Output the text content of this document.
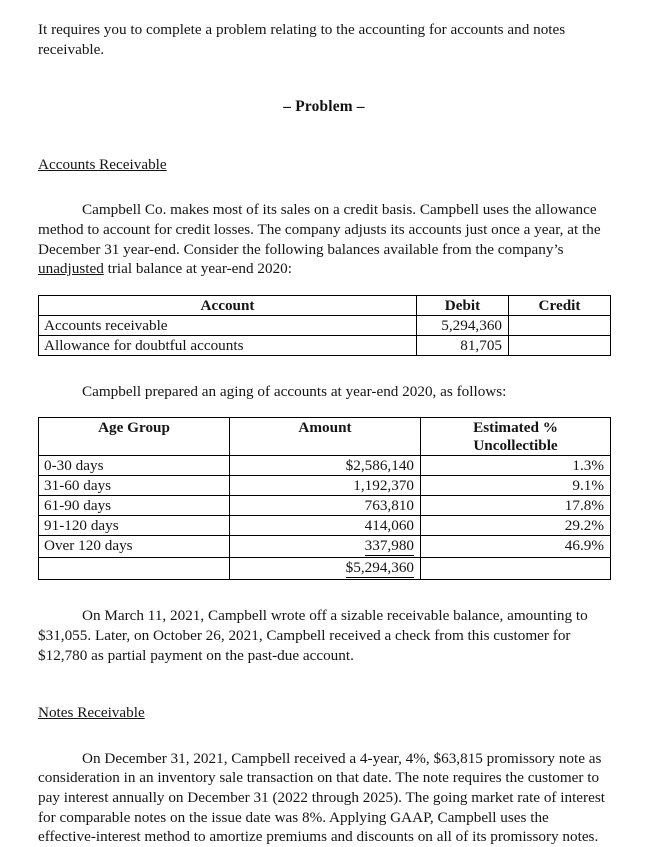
It requires you to complete a problem relating to the accounting for accounts and notes receivable.

– Problem –

Accounts Receivable

Campbell Co. makes most of its sales on a credit basis. Campbell uses the allowance method to account for credit losses. The company adjusts its accounts just once a year, at the December 31 year-end. Consider the following balances available from the company’s unadjusted trial balance at year-end 2020:

Account	Debit	Credit
Accounts receivable	5,294,360	
Allowance for doubtful accounts	81,705	

Campbell prepared an aging of accounts at year-end 2020, as follows:

Age Group	Amount	Estimated %
Uncollectible
0-30 days	$2,586,140	1.3%
31-60 days	1,192,370	9.1%
61-90 days	763,810	17.8%
91-120 days	414,060	29.2%
Over 120 days	337,980	46.9%
	$5,294,360	

On March 11, 2021, Campbell wrote off a sizable receivable balance, amounting to $31,055. Later, on October 26, 2021, Campbell received a check from this customer for $12,780 as partial payment on the past-due account.

Notes Receivable

On December 31, 2021, Campbell received a 4-year, 4%, $63,815 promissory note as consideration in an inventory sale transaction on that date. The note requires the customer to pay interest annually on December 31 (2022 through 2025). The going market rate of interest for comparable notes on the issue date was 8%. Applying GAAP, Campbell uses the effective-interest method to amortize premiums and discounts on all of its promissory notes.
